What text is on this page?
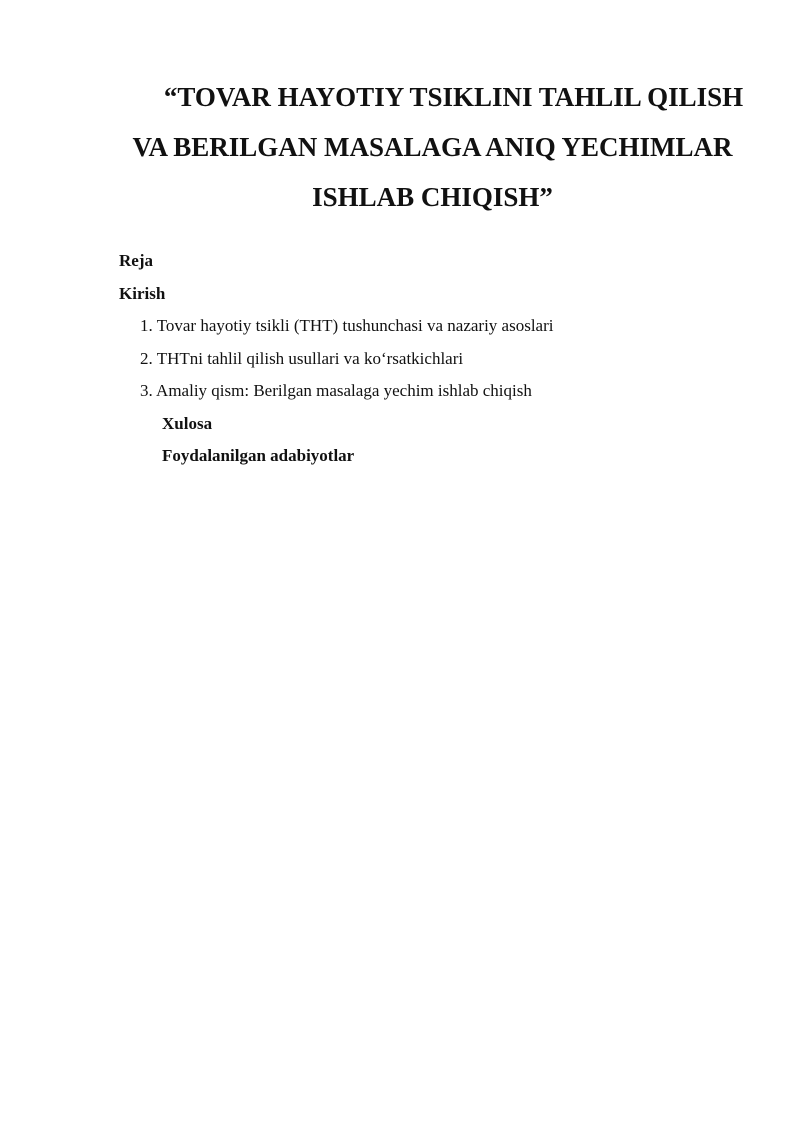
“TOVAR HAYOTIY TSIKLINI TAHLIL QILISH VA BERILGAN MASALAGA ANIQ YECHIMLAR ISHLAB CHIQISH”
Reja
Kirish
1. Tovar hayotiy tsikli (THT) tushunchasi va nazariy asoslari
2. THTni tahlil qilish usullari va ko‘rsatkichlari
3. Amaliy qism: Berilgan masalaga yechim ishlab chiqish
Xulosa
Foydalanilgan adabiyotlar
